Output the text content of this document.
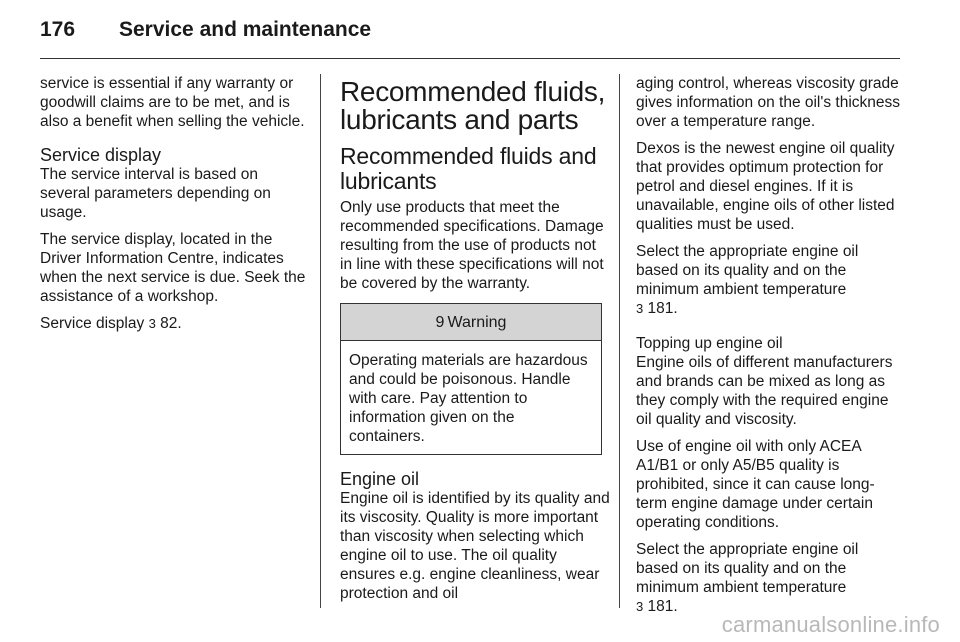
176 Service and maintenance

service is essential if any warranty or goodwill claims are to be met, and is also a benefit when selling the vehicle.

Service display

The service interval is based on several parameters depending on usage.

The service display, located in the Driver Information Centre, indicates when the next service is due. Seek the assistance of a workshop.

Service display 3 82.

Recommended fluids, lubricants and parts
Recommended fluids and lubricants

Only use products that meet the recommended specifications. Damage resulting from the use of products not in line with these specifications will not be covered by the warranty.

9 Warning
Operating materials are hazardous and could be poisonous. Handle with care. Pay attention to information given on the containers.
Engine oil

Engine oil is identified by its quality and its viscosity. Quality is more important than viscosity when selecting which engine oil to use. The oil quality ensures e.g. engine cleanliness, wear protection and oil

aging control, whereas viscosity grade gives information on the oil's thickness over a temperature range.

Dexos is the newest engine oil quality that provides optimum protection for petrol and diesel engines. If it is unavailable, engine oils of other listed qualities must be used.

Select the appropriate engine oil based on its quality and on the minimum ambient temperature
3 181.

Topping up engine oil

Engine oils of different manufacturers and brands can be mixed as long as they comply with the required engine oil quality and viscosity.

Use of engine oil with only ACEA A1/B1 or only A5/B5 quality is prohibited, since it can cause long-term engine damage under certain operating conditions.

Select the appropriate engine oil based on its quality and on the minimum ambient temperature
3 181.

carmanualsonline.info
